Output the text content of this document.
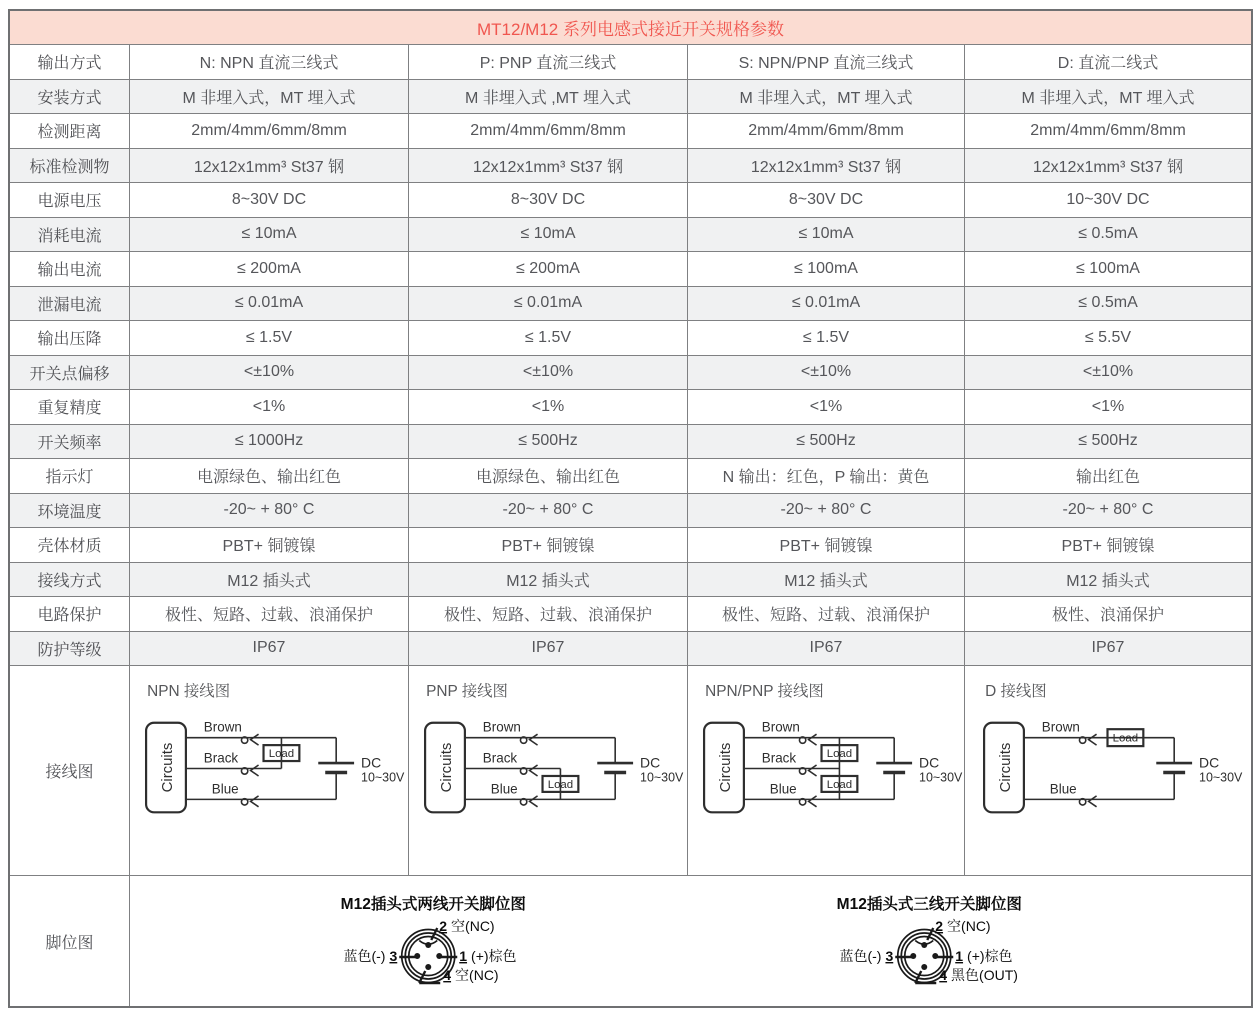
MT12/M12 系列电感式接近开关规格参数
输出方式	N: NPN 直流三线式	P: PNP 直流三线式	S: NPN/PNP 直流三线式	D: 直流二线式
安装方式	M 非埋入式，MT 埋入式	M 非埋入式 ,MT 埋入式	M 非埋入式，MT 埋入式	M 非埋入式，MT 埋入式
检测距离	2mm/4mm/6mm/8mm	2mm/4mm/6mm/8mm	2mm/4mm/6mm/8mm	2mm/4mm/6mm/8mm
标准检测物	12x12x1mm³ St37 钢	12x12x1mm³ St37 钢	12x12x1mm³ St37 钢	12x12x1mm³ St37 钢
电源电压	8~30V DC	8~30V DC	8~30V DC	10~30V DC
消耗电流	≤ 10mA	≤ 10mA	≤ 10mA	≤ 0.5mA
输出电流	≤ 200mA	≤ 200mA	≤ 100mA	≤ 100mA
泄漏电流	≤ 0.01mA	≤ 0.01mA	≤ 0.01mA	≤ 0.5mA
输出压降	≤ 1.5V	≤ 1.5V	≤ 1.5V	≤ 5.5V
开关点偏移	<±10%	<±10%	<±10%	<±10%
重复精度	<1%	<1%	<1%	<1%
开关频率	≤ 1000Hz	≤ 500Hz	≤ 500Hz	≤ 500Hz
指示灯	电源绿色、输出红色	电源绿色、输出红色	N 输出：红色，P 输出：黄色	输出红色
环境温度	-20~ + 80° C	-20~ + 80° C	-20~ + 80° C	-20~ + 80° C
壳体材质	PBT+ 铜镀镍	PBT+ 铜镀镍	PBT+ 铜镀镍	PBT+ 铜镀镍
接线方式	M12 插头式	M12 插头式	M12 插头式	M12 插头式
电路保护	极性、短路、过载、浪涌保护	极性、短路、过载、浪涌保护	极性、短路、过载、浪涌保护	极性、浪涌保护
防护等级	IP67	IP67	IP67	IP67
接线图
NPN 接线图
Circuits
Brown
Brack
Blue
Load
DC
10~30V
PNP 接线图
Circuits
Brown
Brack
Blue	Load
DC
10~30V
NPN/PNP 接线图
Circuits
Brown
Brack
Blue
Load
Load
DC
10~30V
D 接线图
Circuits
Brown
Blue
Load
DC
10~30V
脚位图
M12插头式两线开关脚位图
2 空(NC)
1 (+)棕色
蓝色(-) 3
4 空(NC)
M12插头式三线开关脚位图
2 空(NC)
1 (+)棕色
蓝色(-) 3
4 黑色(OUT)
